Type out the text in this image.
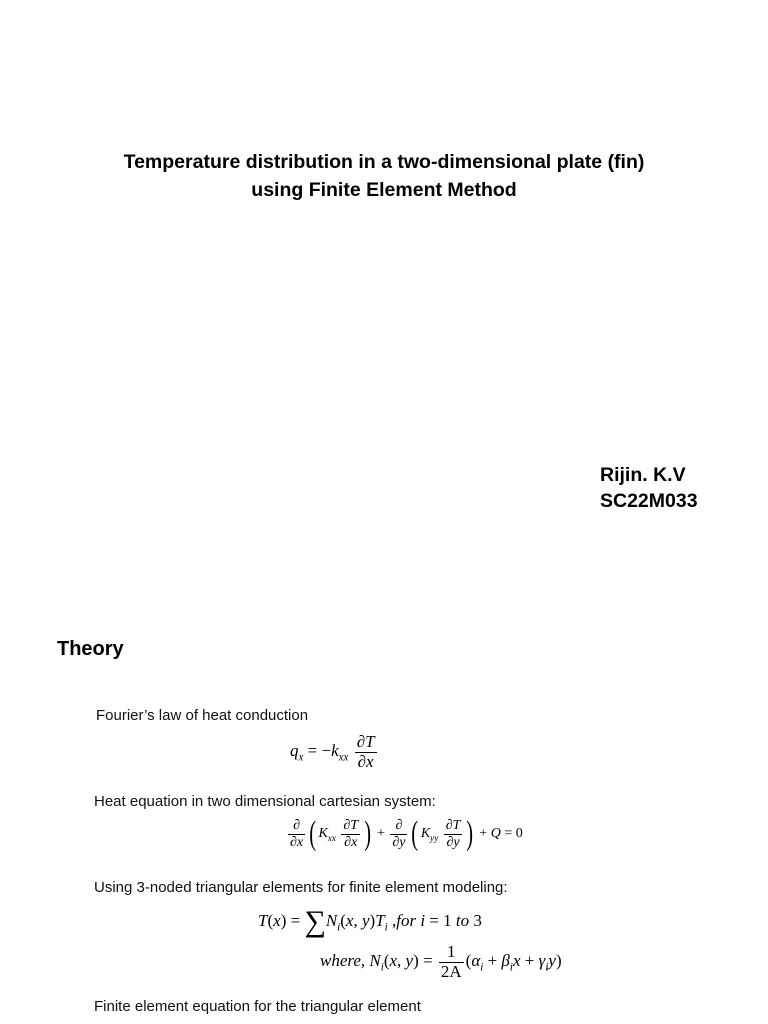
Temperature distribution in a two-dimensional plate (fin)
using Finite Element Method
Rijin. K.V
SC22M033
Theory
Fourier’s law of heat conduction
$q_x = -k_{xx} \frac{\partial T}{\partial x}$
Heat equation in two dimensional cartesian system:
$\frac{\partial}{\partial x}$ ( $K_{xx} \frac{\partial T}{\partial x}$ ) + $\frac{\partial}{\partial y}$ ( $K_{yy} \frac{\partial T}{\partial y}$ ) + Q = 0
Using 3-noded triangular elements for finite element modeling:
$T(x) = \sum N_i(x$, $y)T_i$ ,for i = 1 to 3
where, $N_i(x$, $y) = \frac{1}{2A} (\alpha_i + \beta_ix + \gamma_iy)$
Finite element equation for the triangular element
